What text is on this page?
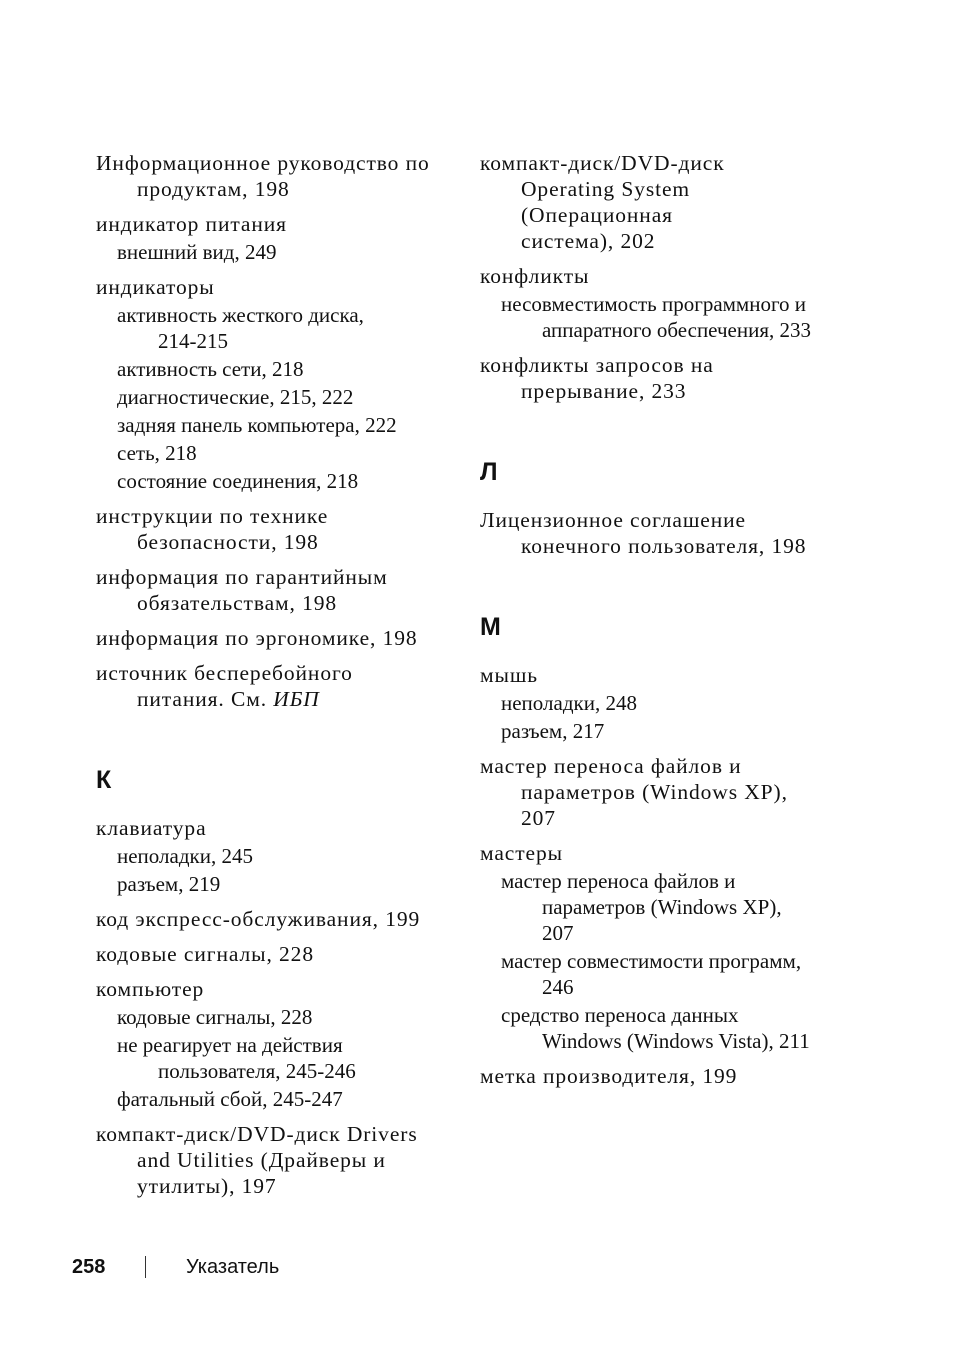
Информационное руководство по продуктам, 198

индикатор питания

внешний вид, 249

индикаторы

активность жесткого диска, 214-215

активность сети, 218

диагностические, 215, 222

задняя панель компьютера, 222

сеть, 218

состояние соединения, 218

инструкции по технике безопасности, 198

информация по гарантийным обязательствам, 198

информация по эргономике, 198

источник бесперебойного питания. См. ИБП

К

клавиатура

неполадки, 245

разъем, 219

код экспресс-обслуживания, 199

кодовые сигналы, 228

компьютер

кодовые сигналы, 228

не реагирует на действия пользователя, 245-246

фатальный сбой, 245-247

компакт-диск/DVD-диск Drivers and Utilities (Драйверы и утилиты), 197

компакт-диск/DVD-диск Operating System (Операционная система), 202

конфликты

несовместимость программного и аппаратного обеспечения, 233

конфликты запросов на прерывание, 233

Л

Лицензионное соглашение конечного пользователя, 198

М

мышь

неполадки, 248

разъем, 217

мастер переноса файлов и параметров (Windows XP), 207

мастеры

мастер переноса файлов и параметров (Windows XP), 207

мастер совместимости программ, 246

средство переноса данных Windows (Windows Vista), 211

метка производителя, 199

258	Указатель
